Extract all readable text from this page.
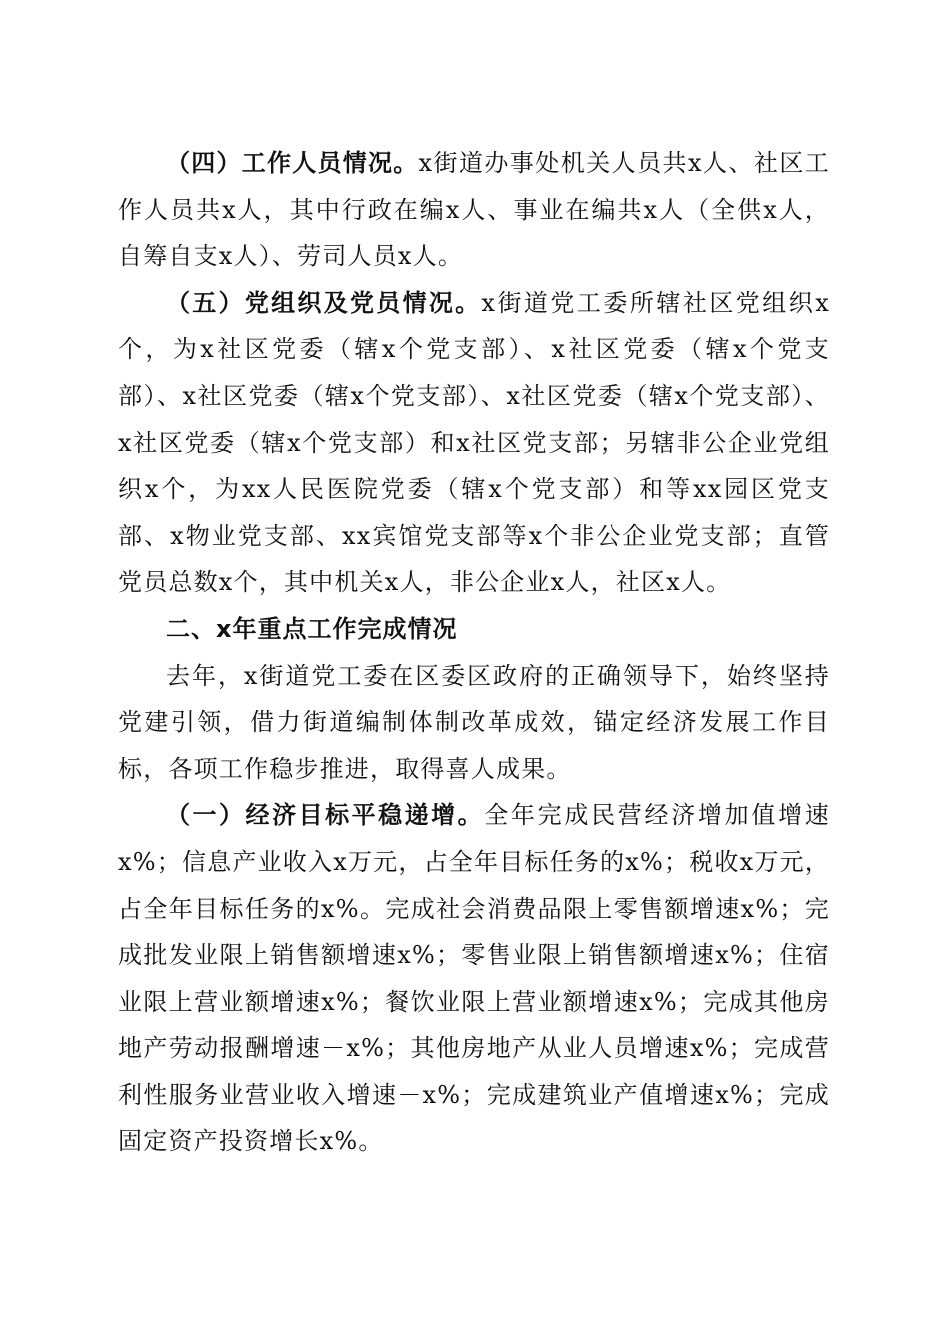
（四）工作人员情况。x街道办事处机关人员共x人、社区工作人员共x人，其中行政在编x人、事业在编共x人（全供x人，自筹自支x人）、劳司人员x人。

（五）党组织及党员情况。x街道党工委所辖社区党组织x个，为x社区党委（辖x个党支部）、x社区党委（辖x个党支部）、x社区党委（辖x个党支部）、x社区党委（辖x个党支部）、x社区党委（辖x个党支部）和x社区党支部；另辖非公企业党组织x个，为xx人民医院党委（辖x个党支部）和等xx园区党支部、x物业党支部、xx宾馆党支部等x个非公企业党支部；直管党员总数x个，其中机关x人，非公企业x人，社区x人。

二、x年重点工作完成情况

去年，x街道党工委在区委区政府的正确领导下，始终坚持党建引领，借力街道编制体制改革成效，锚定经济发展工作目标，各项工作稳步推进，取得喜人成果。

（一）经济目标平稳递增。全年完成民营经济增加值增速x%；信息产业收入x万元，占全年目标任务的x%；税收x万元，占全年目标任务的x%。完成社会消费品限上零售额增速x%；完成批发业限上销售额增速x%；零售业限上销售额增速x%；住宿业限上营业额增速x%；餐饮业限上营业额增速x%；完成其他房地产劳动报酬增速－x%；其他房地产从业人员增速x%；完成营利性服务业营业收入增速－x%；完成建筑业产值增速x%；完成固定资产投资增长x%。
